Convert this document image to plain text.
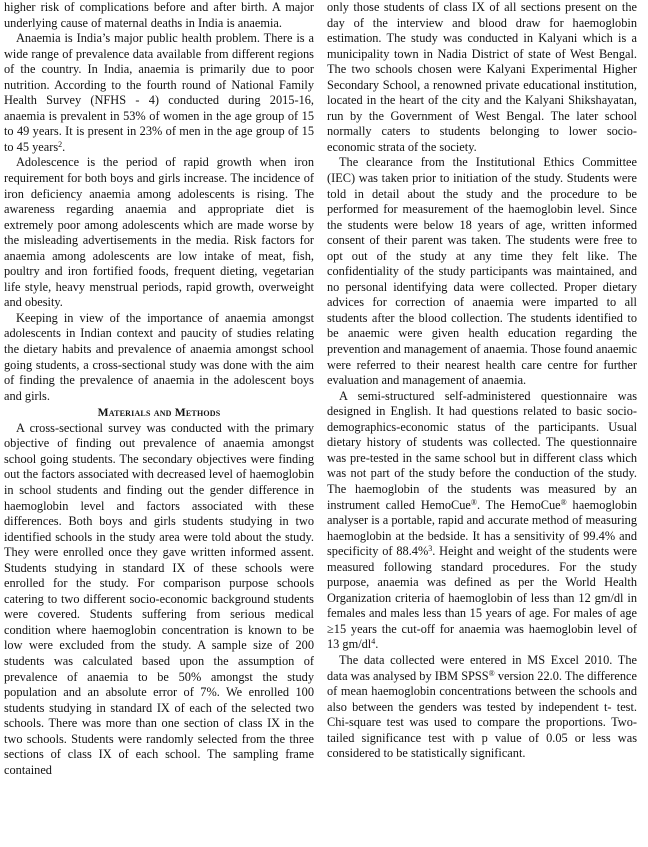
higher risk of complications before and after birth. A major underlying cause of maternal deaths in India is anaemia.

Anaemia is India’s major public health problem. There is a wide range of prevalence data available from different regions of the country. In India, anaemia is primarily due to poor nutrition. According to the fourth round of National Family Health Survey (NFHS - 4) conducted during 2015-16, anaemia is prevalent in 53% of women in the age group of 15 to 49 years. It is present in 23% of men in the age group of 15 to 45 years$^2$.

Adolescence is the period of rapid growth when iron requirement for both boys and girls increase. The incidence of iron deficiency anaemia among adolescents is rising. The awareness regarding anaemia and appropriate diet is extremely poor among adolescents which are made worse by the misleading advertisements in the media. Risk factors for anaemia among adolescents are low intake of meat, fish, poultry and iron fortified foods, frequent dieting, vegetarian life style, heavy menstrual periods, rapid growth, overweight and obesity.

Keeping in view of the importance of anaemia amongst adolescents in Indian context and paucity of studies relating the dietary habits and prevalence of anaemia amongst school going students, a cross-sectional study was done with the aim of finding the prevalence of anaemia in the adolescent boys and girls.

Materials and Methods

A cross-sectional survey was conducted with the primary objective of finding out prevalence of anaemia amongst school going students. The secondary objectives were finding out the factors associated with decreased level of haemoglobin in school students and finding out the gender difference in haemoglobin level and factors associated with these differences. Both boys and girls students studying in two identified schools in the study area were told about the study. They were enrolled once they gave written informed assent. Students studying in standard IX of these schools were enrolled for the study. For comparison purpose schools catering to two different socio-economic background students were covered. Students suffering from serious medical condition where haemoglobin concentration is known to be low were excluded from the study. A sample size of 200 students was calculated based upon the assumption of prevalence of anaemia to be 50% amongst the study population and an absolute error of 7%. We enrolled 100 students studying in standard IX of each of the selected two schools. There was more than one section of class IX in the two schools. Students were randomly selected from the three sections of class IX of each school. The sampling frame contained

only those students of class IX of all sections present on the day of the interview and blood draw for haemoglobin estimation. The study was conducted in Kalyani which is a municipality town in Nadia District of state of West Bengal. The two schools chosen were Kalyani Experimental Higher Secondary School, a renowned private educational institution, located in the heart of the city and the Kalyani Shikshayatan, run by the Government of West Bengal. The later school normally caters to students belonging to lower socio-economic strata of the society.

The clearance from the Institutional Ethics Committee (IEC) was taken prior to initiation of the study. Students were told in detail about the study and the procedure to be performed for measurement of the haemoglobin level. Since the students were below 18 years of age, written informed consent of their parent was taken. The students were free to opt out of the study at any time they felt like. The confidentiality of the study participants was maintained, and no personal identifying data were collected. Proper dietary advices for correction of anaemia were imparted to all students after the blood collection. The students identified to be anaemic were given health education regarding the prevention and management of anaemia. Those found anaemic were referred to their nearest health care centre for further evaluation and management of anaemia.

A semi-structured self-administered questionnaire was designed in English. It had questions related to basic socio-demographics-economic status of the participants. Usual dietary history of students was collected. The questionnaire was pre-tested in the same school but in different class which was not part of the study before the conduction of the study. The haemoglobin of the students was measured by an instrument called HemoCue®. The HemoCue® haemoglobin analyser is a portable, rapid and accurate method of measuring haemoglobin at the bedside. It has a sensitivity of 99.4% and specificity of 88.4%$^3$. Height and weight of the students were measured following standard procedures. For the study purpose, anaemia was defined as per the World Health Organization criteria of haemoglobin of less than 12 gm/dl in females and males less than 15 years of age. For males of age ≥15 years the cut-off for anaemia was haemoglobin level of 13 $gm/dl^4$.

The data collected were entered in MS Excel 2010. The data was analysed by IBM SPSS® version 22.0. The difference of mean haemoglobin concentrations between the schools and also between the genders was tested by independent t- test. Chi-square test was used to compare the proportions. Two-tailed significance test with p value of 0.05 or less was considered to be statistically significant.
